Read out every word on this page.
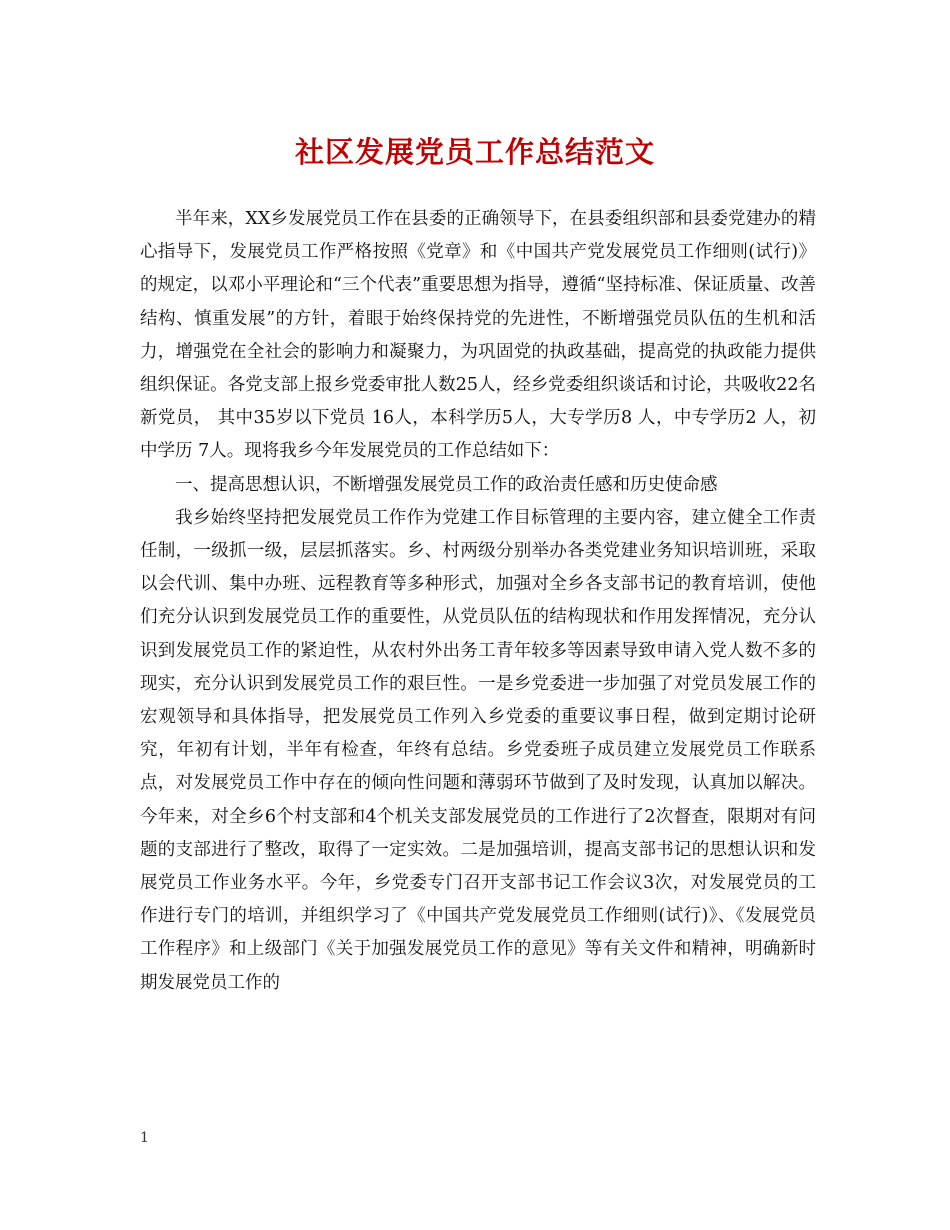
社区发展党员工作总结范文

半年来，XX乡发展党员工作在县委的正确领导下，在县委组织部和县委党建办的精心指导下，发展党员工作严格按照《党章》和《中国共产党发展党员工作细则(试行)》的规定，以邓小平理论和“三个代表”重要思想为指导，遵循“坚持标准、保证质量、改善结构、慎重发展”的方针，着眼于始终保持党的先进性，不断增强党员队伍的生机和活力，增强党在全社会的影响力和凝聚力，为巩固党的执政基础，提高党的执政能力提供组织保证。各党支部上报乡党委审批人数25人，经乡党委组织谈话和讨论，共吸收22名新党员， 其中35岁以下党员 16人，本科学历5人，大专学历8 人，中专学历2 人，初中学历 7人。现将我乡今年发展党员的工作总结如下：

一、提高思想认识，不断增强发展党员工作的政治责任感和历史使命感

我乡始终坚持把发展党员工作作为党建工作目标管理的主要内容，建立健全工作责任制，一级抓一级，层层抓落实。乡、村两级分别举办各类党建业务知识培训班，采取以会代训、集中办班、远程教育等多种形式，加强对全乡各支部书记的教育培训，使他们充分认识到发展党员工作的重要性，从党员队伍的结构现状和作用发挥情况，充分认识到发展党员工作的紧迫性，从农村外出务工青年较多等因素导致申请入党人数不多的现实，充分认识到发展党员工作的艰巨性。一是乡党委进一步加强了对党员发展工作的宏观领导和具体指导，把发展党员工作列入乡党委的重要议事日程，做到定期讨论研究，年初有计划，半年有检查，年终有总结。乡党委班子成员建立发展党员工作联系点，对发展党员工作中存在的倾向性问题和薄弱环节做到了及时发现，认真加以解决。今年来，对全乡6个村支部和4个机关支部发展党员的工作进行了2次督查，限期对有问题的支部进行了整改，取得了一定实效。二是加强培训，提高支部书记的思想认识和发展党员工作业务水平。今年，乡党委专门召开支部书记工作会议3次，对发展党员的工作进行专门的培训，并组织学习了《中国共产党发展党员工作细则(试行)》、《发展党员工作程序》和上级部门《关于加强发展党员工作的意见》等有关文件和精神，明确新时期发展党员工作的

1
